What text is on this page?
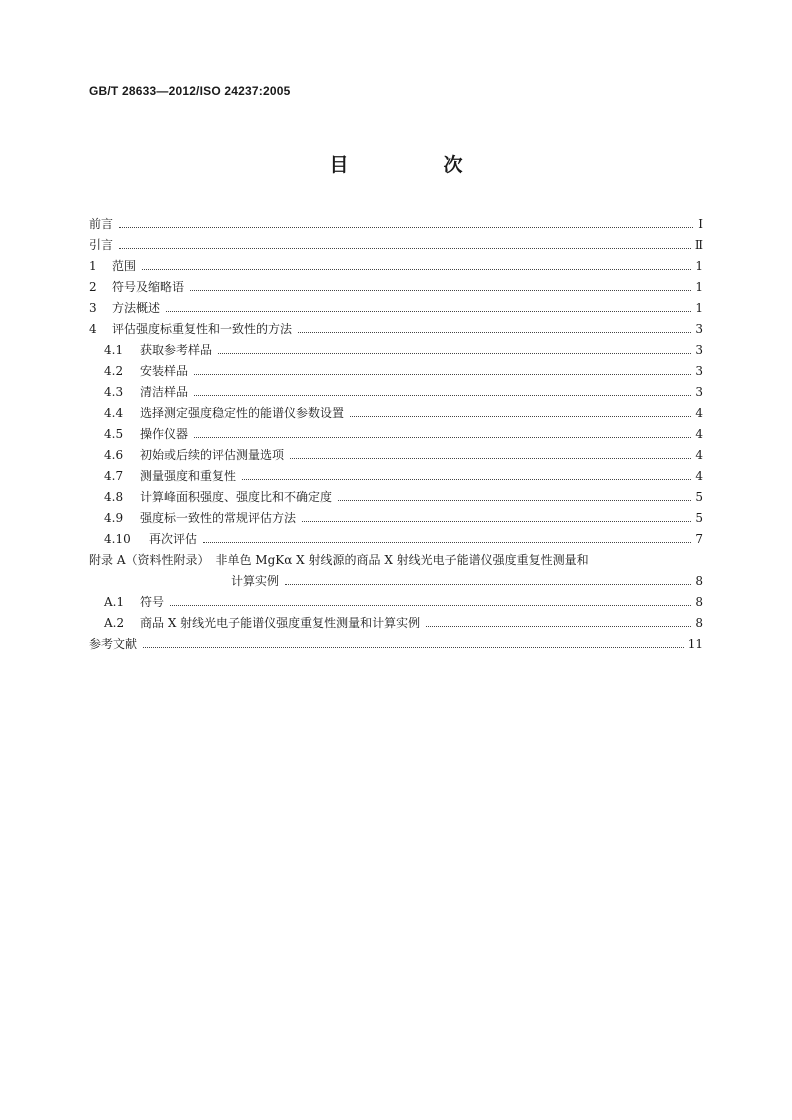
GB/T 28633—2012/ISO 24237:2005
目　次
前言	Ⅰ
引言	Ⅱ
1 范围	1
2 符号及缩略语	1
3 方法概述	1
4 评估强度标重复性和一致性的方法	3
4.1 获取参考样品	3
4.2 安装样品	3
4.3 清洁样品	3
4.4 选择测定强度稳定性的能谱仪参数设置	4
4.5 操作仪器	4
4.6 初始或后续的评估测量选项	4
4.7 测量强度和重复性	4
4.8 计算峰面积强度、强度比和不确定度	5
4.9 强度标一致性的常规评估方法	5
4.10 再次评估	7
附录 A（资料性附录）　非单色 MgKα X 射线源的商品 X 射线光电子能谱仪强度重复性测量和
计算实例	8
A.1 符号	8
A.2 商品 X 射线光电子能谱仪强度重复性测量和计算实例	8
参考文献	11
